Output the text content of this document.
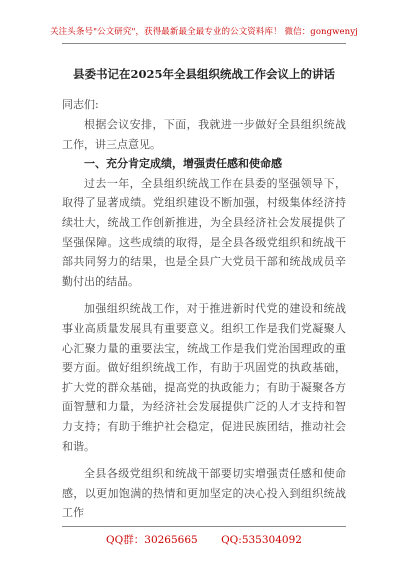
关注头条号"公文研究"，获得最新最全最专业的公文资料库！ 微信：gongwenyj
县委书记在2025年全县组织统战工作会议上的讲话
同志们:

根据会议安排，下面，我就进一步做好全县组织统战工作，讲三点意见。

一、充分肯定成绩，增强责任感和使命感

过去一年，全县组织统战工作在县委的坚强领导下，取得了显著成绩。党组织建设不断加强，村级集体经济持续壮大，统战工作创新推进，为全县经济社会发展提供了坚强保障。这些成绩的取得，是全县各级党组织和统战干部共同努力的结果，也是全县广大党员干部和统战成员辛勤付出的结晶。

加强组织统战工作，对于推进新时代党的建设和统战事业高质量发展具有重要意义。组织工作是我们党凝聚人心汇聚力量的重要法宝，统战工作是我们党治国理政的重要方面。做好组织统战工作，有助于巩固党的执政基础，扩大党的群众基础，提高党的执政能力；有助于凝聚各方面智慧和力量，为经济社会发展提供广泛的人才支持和智力支持；有助于维护社会稳定，促进民族团结，推动社会和谐。

全县各级党组织和统战干部要切实增强责任感和使命感，以更加饱满的热情和更加坚定的决心投入到组织统战工作

QQ群：30265665 QQ:535304092
